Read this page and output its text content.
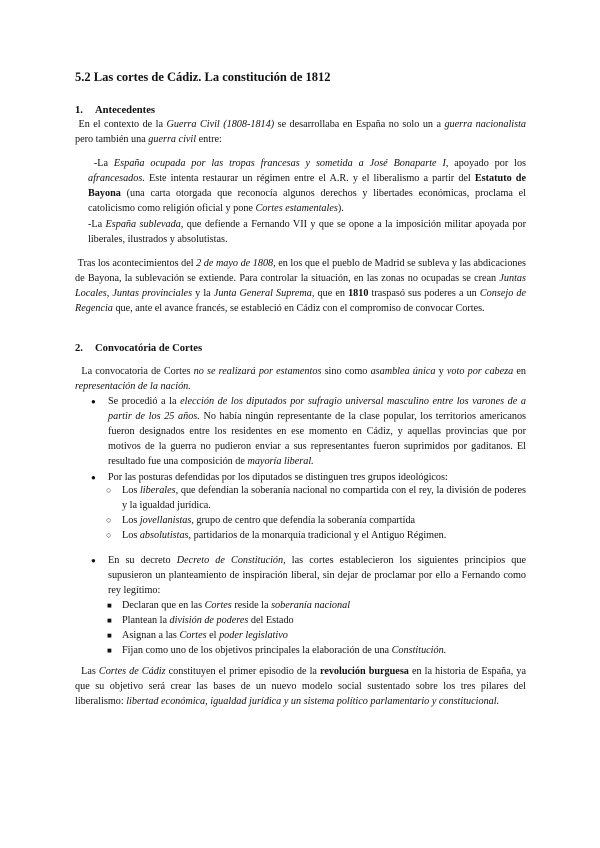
5.2 Las cortes de Cádiz. La constitución de 1812
1. Antecedentes
En el contexto de la Guerra Civil (1808-1814) se desarrollaba en España no solo un a guerra nacionalista pero también una guerra civil entre:
-La España ocupada por las tropas francesas y sometida a José Bonaparte I, apoyado por los afrancesados. Este intenta restaurar un régimen entre el A.R. y el liberalismo a partir del Estatuto de Bayona (una carta otorgada que reconocía algunos derechos y libertades económicas, proclama el catolicismo como religión oficial y pone Cortes estamentales).
-La España sublevada, que defiende a Fernando VII y que se opone a la imposición militar apoyada por liberales, ilustrados y absolutistas.
Tras los acontecimientos del 2 de mayo de 1808, en los que el pueblo de Madrid se subleva y las abdicaciones de Bayona, la sublevación se extiende. Para controlar la situación, en las zonas no ocupadas se crean Juntas Locales, Juntas provinciales y la Junta General Suprema, que en 1810 traspasó sus poderes a un Consejo de Regencia que, ante el avance francés, se estableció en Cádiz con el compromiso de convocar Cortes.
2. Convocatória de Cortes
La convocatoria de Cortes no se realizará por estamentos sino como asamblea única y voto por cabeza en representación de la nación.
● Se procedió a la elección de los diputados por sufragio universal masculino entre los varones de a partir de los 25 años. No había ningún representante de la clase popular, los territorios americanos fueron designados entre los residentes en ese momento en Cádiz, y aquellas provincias que por motivos de la guerra no pudieron enviar a sus representantes fueron suprimidos por gaditanos. El resultado fue una composición de mayoría liberal.
● Por las posturas defendidas por los diputados se distinguen tres grupos ideológicos:
○ Los liberales, que defendían la soberanía nacional no compartida con el rey, la división de poderes y la igualdad jurídica.
○ Los jovellanistas, grupo de centro que defendía la soberanía compartida
○ Los absolutistas, partidarios de la monarquía tradicional y el Antiguo Régimen.
● En su decreto Decreto de Constitución, las cortes establecieron los siguientes principios que supusieron un planteamiento de inspiración liberal, sin dejar de proclamar por ello a Fernando como rey legítimo:
■ Declaran que en las Cortes reside la soberanía nacional
■ Plantean la división de poderes del Estado
■ Asignan a las Cortes el poder legislativo
■ Fijan como uno de los objetivos principales la elaboración de una Constitución.
Las Cortes de Cádiz constituyen el primer episodio de la revolución burguesa en la historia de España, ya que su objetivo será crear las bases de un nuevo modelo social sustentado sobre los tres pilares del liberalismo: libertad económica, igualdad jurídica y un sistema político parlamentario y constitucional.
